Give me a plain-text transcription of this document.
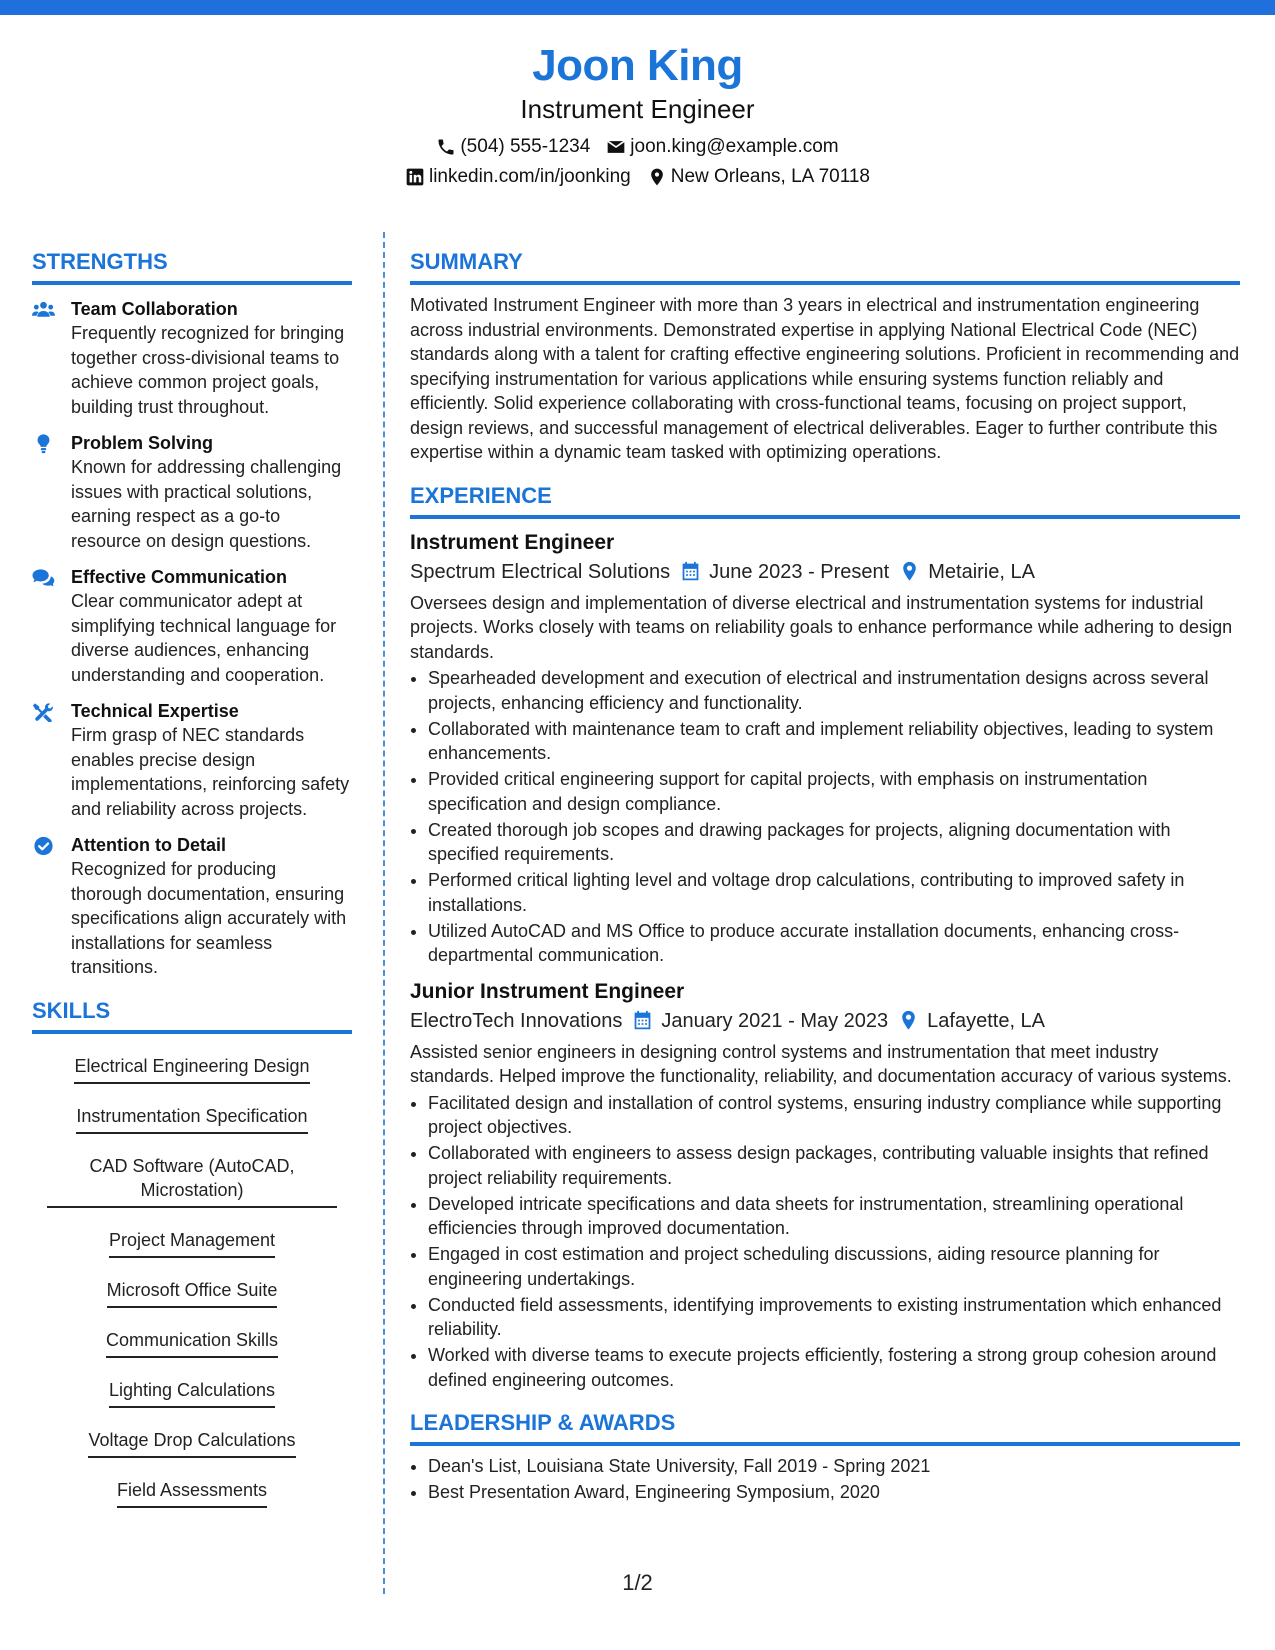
Joon King
Instrument Engineer
(504) 555-1234 joon.king@example.com
linkedin.com/in/joonking New Orleans, LA 70118
STRENGTHS
Team Collaboration
Frequently recognized for bringing together cross-divisional teams to achieve common project goals, building trust throughout.
Problem Solving
Known for addressing challenging issues with practical solutions, earning respect as a go-to resource on design questions.
Effective Communication
Clear communicator adept at simplifying technical language for diverse audiences, enhancing understanding and cooperation.
Technical Expertise
Firm grasp of NEC standards enables precise design implementations, reinforcing safety and reliability across projects.
Attention to Detail
Recognized for producing thorough documentation, ensuring specifications align accurately with installations for seamless transitions.
SKILLS
Electrical Engineering Design
Instrumentation Specification
CAD Software (AutoCAD, Microstation)
Project Management
Microsoft Office Suite
Communication Skills
Lighting Calculations
Voltage Drop Calculations
Field Assessments
SUMMARY
Motivated Instrument Engineer with more than 3 years in electrical and instrumentation engineering across industrial environments. Demonstrated expertise in applying National Electrical Code (NEC) standards along with a talent for crafting effective engineering solutions. Proficient in recommending and specifying instrumentation for various applications while ensuring systems function reliably and efficiently. Solid experience collaborating with cross-functional teams, focusing on project support, design reviews, and successful management of electrical deliverables. Eager to further contribute this expertise within a dynamic team tasked with optimizing operations.
EXPERIENCE
Instrument Engineer
Spectrum Electrical Solutions June 2023 - Present Metairie, LA
Oversees design and implementation of diverse electrical and instrumentation systems for industrial projects. Works closely with teams on reliability goals to enhance performance while adhering to design standards.
• Spearheaded development and execution of electrical and instrumentation designs across several projects, enhancing efficiency and functionality.
• Collaborated with maintenance team to craft and implement reliability objectives, leading to system enhancements.
• Provided critical engineering support for capital projects, with emphasis on instrumentation specification and design compliance.
• Created thorough job scopes and drawing packages for projects, aligning documentation with specified requirements.
• Performed critical lighting level and voltage drop calculations, contributing to improved safety in installations.
• Utilized AutoCAD and MS Office to produce accurate installation documents, enhancing cross-departmental communication.
Junior Instrument Engineer
ElectroTech Innovations January 2021 - May 2023 Lafayette, LA
Assisted senior engineers in designing control systems and instrumentation that meet industry standards. Helped improve the functionality, reliability, and documentation accuracy of various systems.
• Facilitated design and installation of control systems, ensuring industry compliance while supporting project objectives.
• Collaborated with engineers to assess design packages, contributing valuable insights that refined project reliability requirements.
• Developed intricate specifications and data sheets for instrumentation, streamlining operational efficiencies through improved documentation.
• Engaged in cost estimation and project scheduling discussions, aiding resource planning for engineering undertakings.
• Conducted field assessments, identifying improvements to existing instrumentation which enhanced reliability.
• Worked with diverse teams to execute projects efficiently, fostering a strong group cohesion around defined engineering outcomes.
LEADERSHIP & AWARDS
• Dean's List, Louisiana State University, Fall 2019 - Spring 2021
• Best Presentation Award, Engineering Symposium, 2020
1/2
